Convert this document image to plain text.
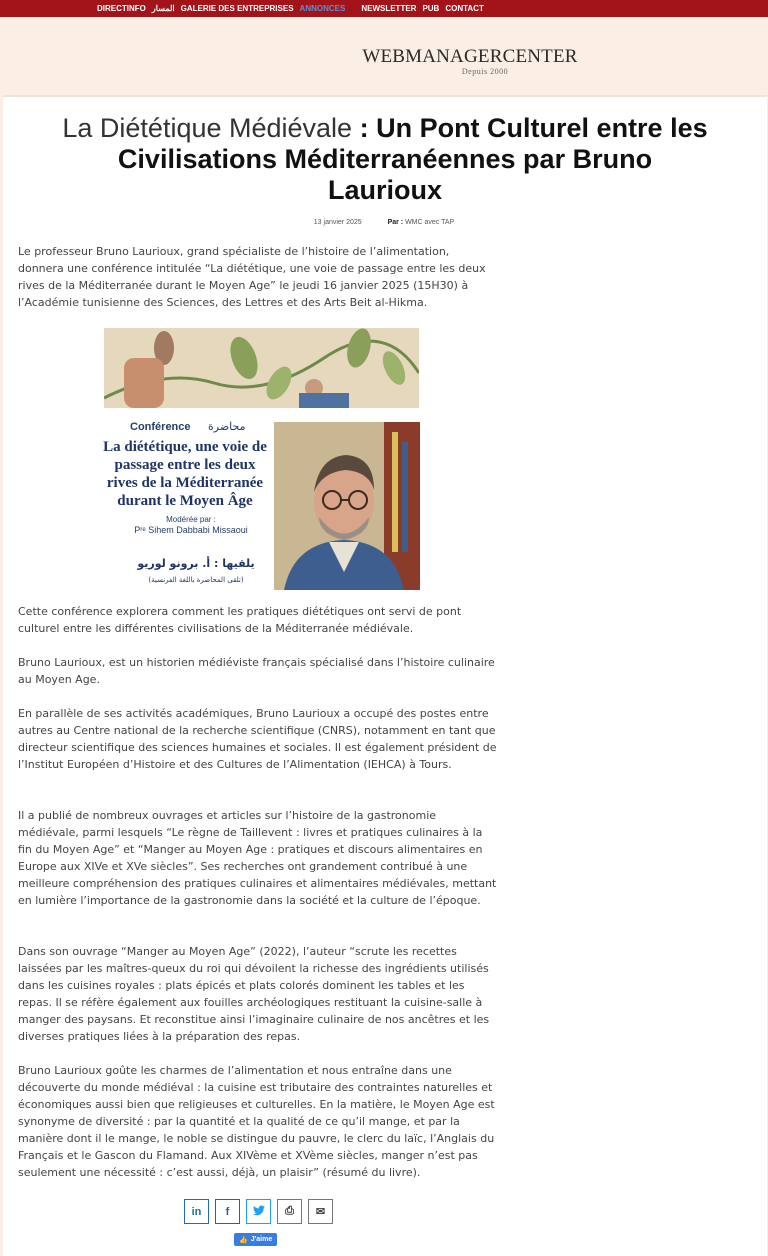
DIRECTINFO المسار GALERIE DES ENTREPRISES ANNONCES NEWSLETTER PUB CONTACT
WEBMANAGERCENTER
Depuis 2000
La Diététique Médiévale : Un Pont Culturel entre les Civilisations Méditerranéennes par Bruno Laurioux
13 janvier 2025	Par : WMC avec TAP

Le professeur Bruno Laurioux, grand spécialiste de l’histoire de l’alimentation, donnera une conférence intitulée “La diététique, une voie de passage entre les deux rives de la Méditerranée durant le Moyen Age” le jeudi 16 janvier 2025 (15H30) à l’Académie tunisienne des Sciences, des Lettres et des Arts Beit al-Hikma.

Conférence محاضرة
La diététique, une voie de passage entre les deux rives de la Méditerranée durant le Moyen Âge
Modérée par :
Pʳᵉ Sihem Dabbabi Missaoui
يلقيها : أ. برونو لوريو
(تلقى المحاضرة باللغة الفرنسية)

Cette conférence explorera comment les pratiques diététiques ont servi de pont culturel entre les différentes civilisations de la Méditerranée médiévale.

Bruno Laurioux, est un historien médiéviste français spécialisé dans l’histoire culinaire au Moyen Age.

En parallèle de ses activités académiques, Bruno Laurioux a occupé des postes entre autres au Centre national de la recherche scientifique (CNRS), notamment en tant que directeur scientifique des sciences humaines et sociales. Il est également président de l’Institut Européen d’Histoire et des Cultures de l’Alimentation (IEHCA) à Tours.

Il a publié de nombreux ouvrages et articles sur l’histoire de la gastronomie médiévale, parmi lesquels “Le règne de Taillevent : livres et pratiques culinaires à la fin du Moyen Age” et “Manger au Moyen Age : pratiques et discours alimentaires en Europe aux XIVe et XVe siècles”. Ses recherches ont grandement contribué à une meilleure compréhension des pratiques culinaires et alimentaires médiévales, mettant en lumière l’importance de la gastronomie dans la société et la culture de l’époque.

Dans son ouvrage “Manger au Moyen Age” (2022), l’auteur “scrute les recettes laissées par les maîtres-queux du roi qui dévoilent la richesse des ingrédients utilisés dans les cuisines royales : plats épicés et plats colorés dominent les tables et les repas. Il se réfère également aux fouilles archéologiques restituant la cuisine-salle à manger des paysans. Et reconstitue ainsi l’imaginaire culinaire de nos ancêtres et les diverses pratiques liées à la préparation des repas.

Bruno Laurioux goûte les charmes de l’alimentation et nous entraîne dans une découverte du monde médiéval : la cuisine est tributaire des contraintes naturelles et économiques aussi bien que religieuses et culturelles. En la matière, le Moyen Age est synonyme de diversité : par la quantité et la qualité de ce qu’il mange, et par la manière dont il le mange, le noble se distingue du pauvre, le clerc du laïc, l’Anglais du Français et le Gascon du Flamand. Aux XIVème et XVème siècles, manger n’est pas seulement une nécessité : c’est aussi, déjà, un plaisir” (résumé du livre).

in f	⎙ ✉
👍 J'aime
